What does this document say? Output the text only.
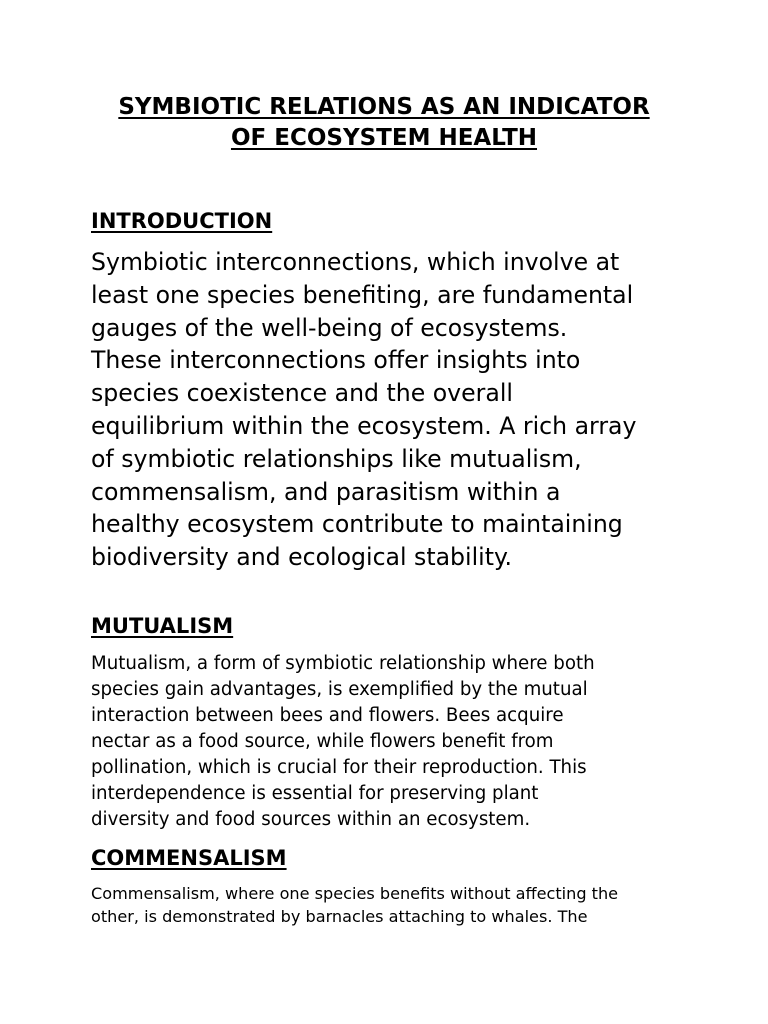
SYMBIOTIC RELATIONS AS AN INDICATOR
OF ECOSYSTEM HEALTH
INTRODUCTION

Symbiotic interconnections, which involve at
least one species benefiting, are fundamental
gauges of the well-being of ecosystems.
These interconnections offer insights into
species coexistence and the overall
equilibrium within the ecosystem. A rich array
of symbiotic relationships like mutualism,
commensalism, and parasitism within a
healthy ecosystem contribute to maintaining
biodiversity and ecological stability.

MUTUALISM

Mutualism, a form of symbiotic relationship where both
species gain advantages, is exemplified by the mutual
interaction between bees and flowers. Bees acquire
nectar as a food source, while flowers benefit from
pollination, which is crucial for their reproduction. This
interdependence is essential for preserving plant
diversity and food sources within an ecosystem.

COMMENSALISM

Commensalism, where one species benefits without affecting the
other, is demonstrated by barnacles attaching to whales. The
